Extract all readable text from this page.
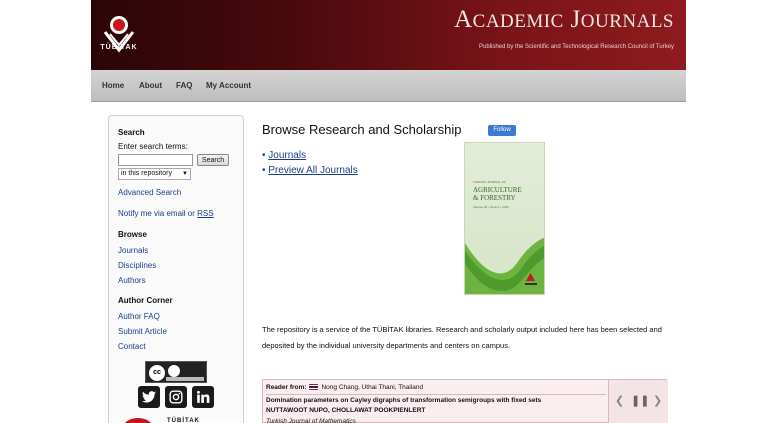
TÜBİTAK
ACADEMIC JOURNALS
Published by the Scientific and Technological Research Council of Turkey
Home About FAQ My Account
Search
Enter search terms:
Search
in this repository ▼
Advanced Search
Notify me via email or RSS
Browse
Journals
Disciplines
Authors
Author Corner
Author FAQ
Submit Article
Contact
cc
TÜBİTAK
Browse Research and Scholarship	Follow
• Journals
• Preview All Journals
TURKISH JOURNAL OF
AGRICULTURE
& FORESTRY
Volume 46 • Issue 1 • 2022
The repository is a service of the TÜBİTAK libraries. Research and scholarly output included here has been selected and deposited by the individual university departments and centers on campus.
Reader from: Nong Chang, Uthai Thani, Thailand
Domination parameters on Cayley digraphs of transformation semigroups with fixed sets
NUTTAWOOT NUPO, CHOLLAWAT POOKPIENLERT
Turkish Journal of Mathematics
❮ ❚❚ ❯
